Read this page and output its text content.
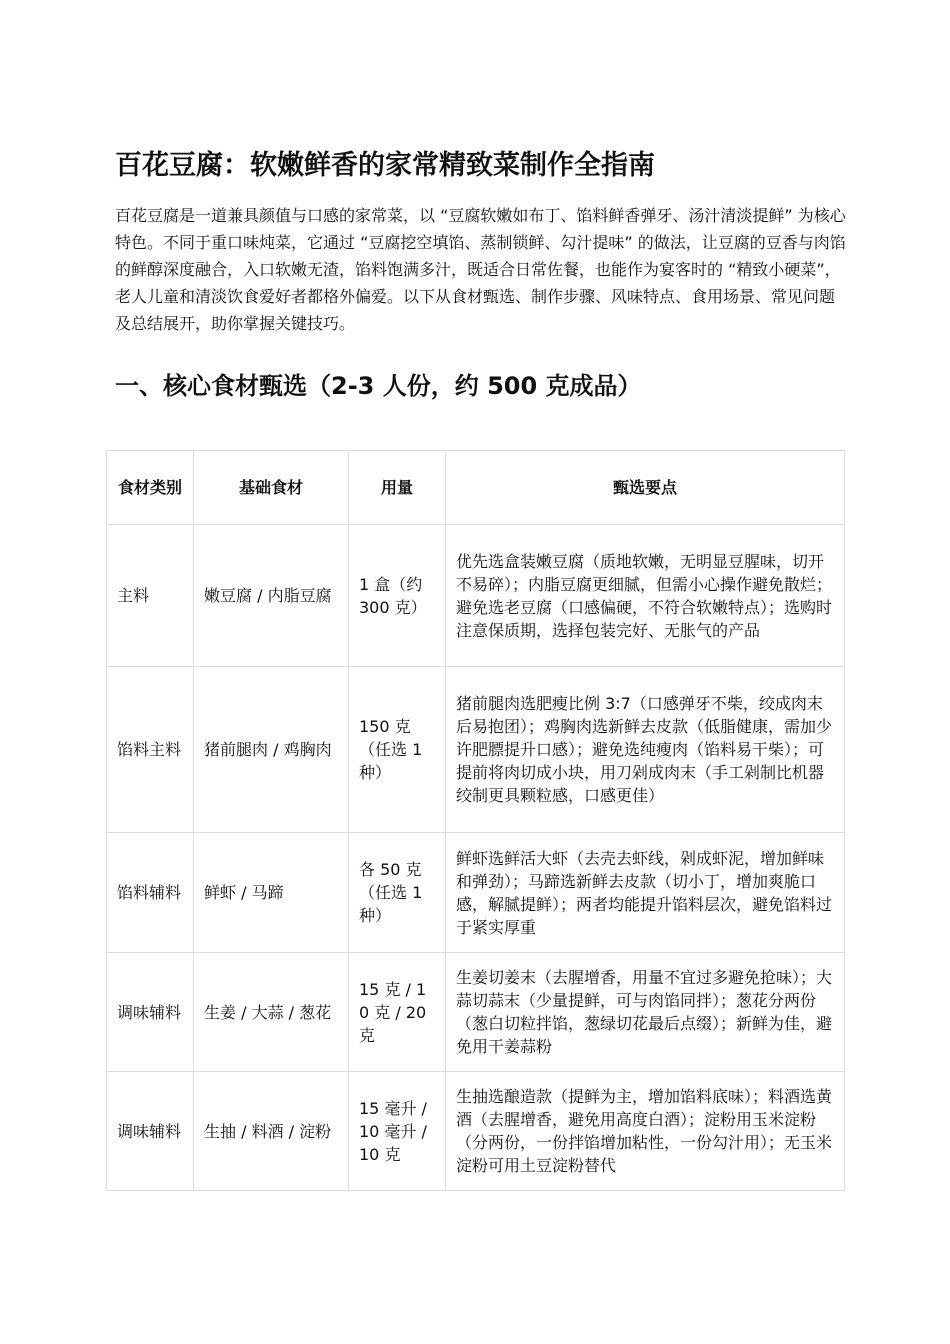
百花豆腐：软嫩鲜香的家常精致菜制作全指南

百花豆腐是一道兼具颜值与口感的家常菜，以 “豆腐软嫩如布丁、馅料鲜香弹牙、汤汁清淡提鲜” 为核心特色。不同于重口味炖菜，它通过 “豆腐挖空填馅、蒸制锁鲜、勾汁提味” 的做法，让豆腐的豆香与肉馅的鲜醇深度融合，入口软嫩无渣，馅料饱满多汁，既适合日常佐餐，也能作为宴客时的 “精致小硬菜”，老人儿童和清淡饮食爱好者都格外偏爱。以下从食材甄选、制作步骤、风味特点、食用场景、常见问题及总结展开，助你掌握关键技巧。

一、核心食材甄选（2-3 人份，约 500 克成品）
食材类别	基础食材	用量	甄选要点
主料	嫩豆腐 / 内脂豆腐	1 盒（约 300 克）	优先选盒装嫩豆腐（质地软嫩，无明显豆腥味，切开不易碎）；内脂豆腐更细腻，但需小心操作避免散烂；避免选老豆腐（口感偏硬，不符合软嫩特点）；选购时注意保质期，选择包装完好、无胀气的产品
馅料主料	猪前腿肉 / 鸡胸肉	150 克（任选 1 种）	猪前腿肉选肥瘦比例 3:7（口感弹牙不柴，绞成肉末后易抱团）；鸡胸肉选新鲜去皮款（低脂健康，需加少许肥膘提升口感）；避免选纯瘦肉（馅料易干柴）；可提前将肉切成小块，用刀剁成肉末（手工剁制比机器绞制更具颗粒感，口感更佳）
馅料辅料	鲜虾 / 马蹄	各 50 克（任选 1 种）	鲜虾选鲜活大虾（去壳去虾线，剁成虾泥，增加鲜味和弹劲）；马蹄选新鲜去皮款（切小丁，增加爽脆口感，解腻提鲜）；两者均能提升馅料层次，避免馅料过于紧实厚重
调味辅料	生姜 / 大蒜 / 葱花	15 克 / 10 克 / 20 克	生姜切姜末（去腥增香，用量不宜过多避免抢味）；大蒜切蒜末（少量提鲜，可与肉馅同拌）；葱花分两份（葱白切粒拌馅，葱绿切花最后点缀）；新鲜为佳，避免用干姜蒜粉
调味辅料	生抽 / 料酒 / 淀粉	15 毫升 / 10 毫升 / 10 克	生抽选酿造款（提鲜为主，增加馅料底味）；料酒选黄酒（去腥增香，避免用高度白酒）；淀粉用玉米淀粉（分两份，一份拌馅增加粘性，一份勾汁用）；无玉米淀粉可用土豆淀粉替代
